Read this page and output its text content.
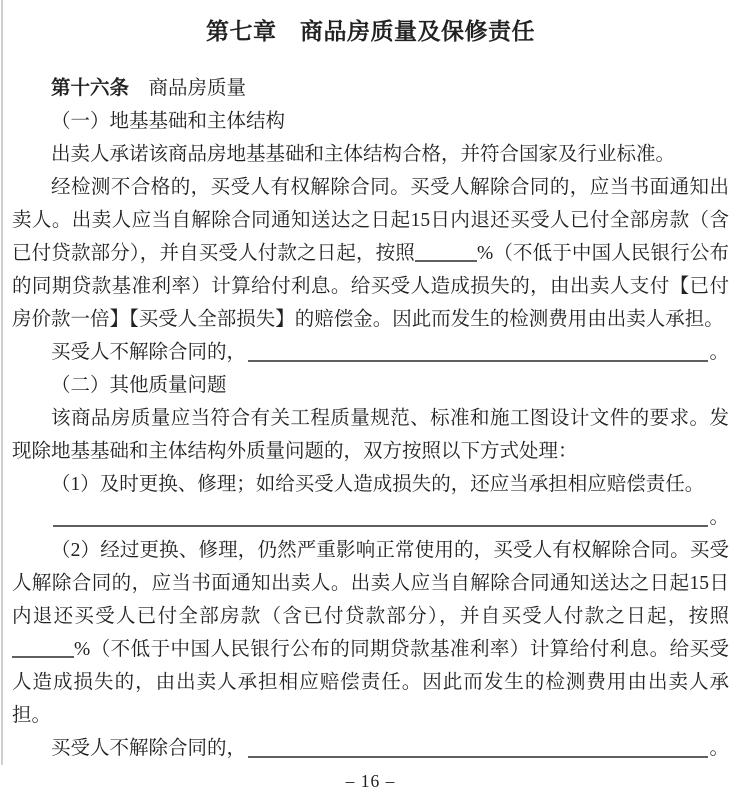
第七章　商品房质量及保修责任

第十六条　商品房质量

（一）地基基础和主体结构

出卖人承诺该商品房地基基础和主体结构合格，并符合国家及行业标准。

经检测不合格的，买受人有权解除合同。买受人解除合同的，应当书面通知出卖人。出卖人应当自解除合同通知送达之日起15日内退还买受人已付全部房款（含已付贷款部分），并自买受人付款之日起，按照	%（不低于中国人民银行公布的同期贷款基准利率）计算给付利息。给买受人造成损失的，由出卖人支付【已付房价款一倍】【买受人全部损失】的赔偿金。因此而发生的检测费用由出卖人承担。

买受人不解除合同的，	。

（二）其他质量问题

该商品房质量应当符合有关工程质量规范、标准和施工图设计文件的要求。发现除地基基础和主体结构外质量问题的，双方按照以下方式处理：

（1）及时更换、修理；如给买受人造成损失的，还应当承担相应赔偿责任。

。

（2）经过更换、修理，仍然严重影响正常使用的，买受人有权解除合同。买受人解除合同的，应当书面通知出卖人。出卖人应当自解除合同通知送达之日起15日内退还买受人已付全部房款（含已付贷款部分），并自买受人付款之日起，按照%（不低于中国人民银行公布的同期贷款基准利率）计算给付利息。给买受人造成损失的，由出卖人承担相应赔偿责任。因此而发生的检测费用由出卖人承担。

买受人不解除合同的，	。

– 16 –
